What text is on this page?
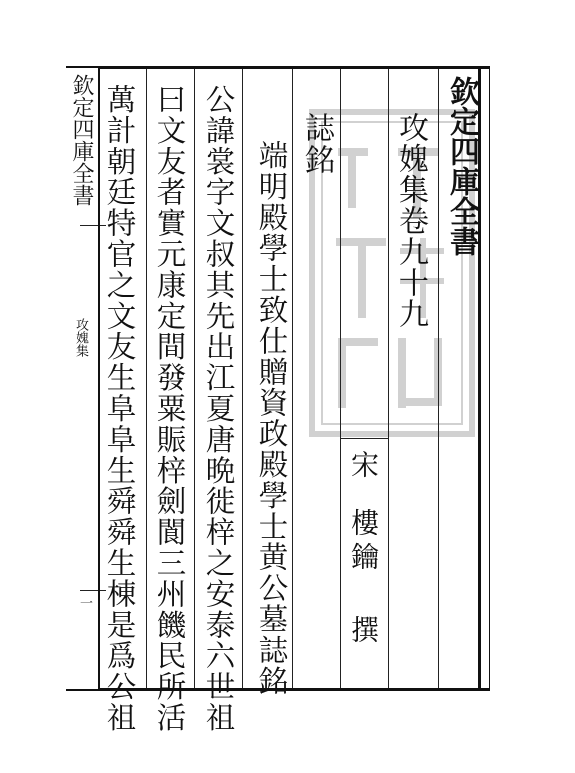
欽定四庫全書
攻媿集
一
欽定四庫全書
攻媿集卷九十九
宋
樓鑰 撰
誌銘
端明殿學士致仕贈資政殿學士黄公墓誌銘
公諱裳字文叔其先出江夏唐晩徙梓之安泰六世祖
曰文友者實元康定間發粟賑梓劍閬三州饑民所活
萬計朝廷特官之文友生阜阜生舜舜生棟是爲公祖
